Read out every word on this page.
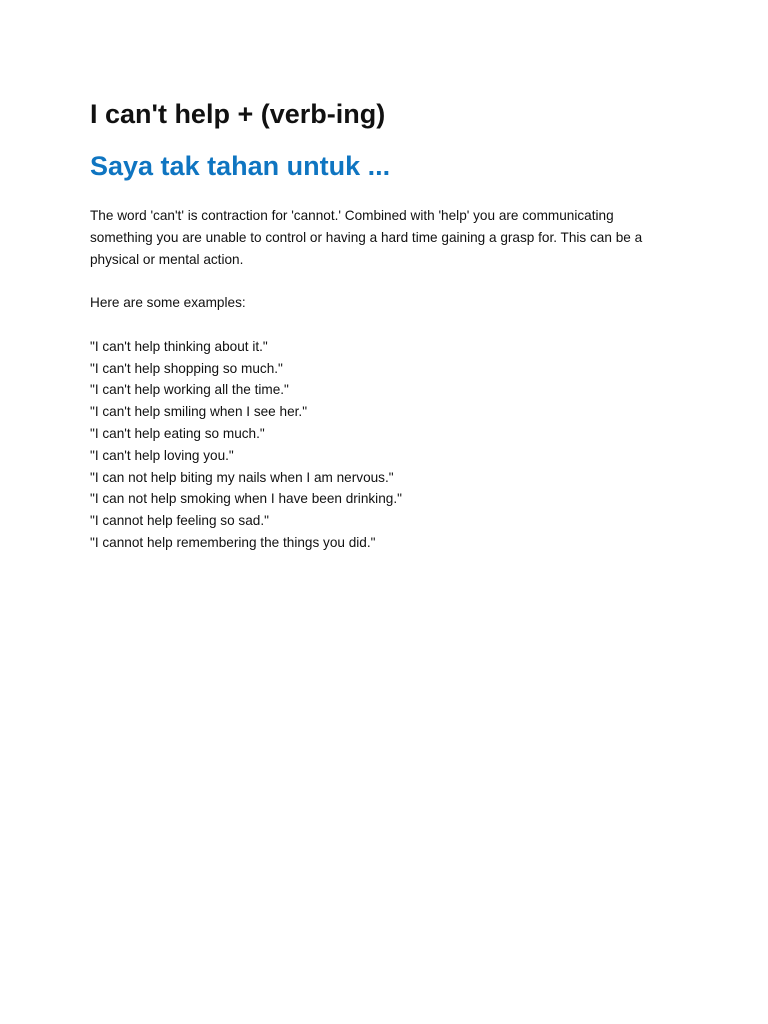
I can't help + (verb-ing)
Saya tak tahan untuk ...

The word 'can't' is contraction for 'cannot.' Combined with 'help' you are communicating something you are unable to control or having a hard time gaining a grasp for. This can be a physical or mental action.

Here are some examples:

"I can't help thinking about it."
"I can't help shopping so much."
"I can't help working all the time."
"I can't help smiling when I see her."
"I can't help eating so much."
"I can't help loving you."
"I can not help biting my nails when I am nervous."
"I can not help smoking when I have been drinking."
"I cannot help feeling so sad."
"I cannot help remembering the things you did."
